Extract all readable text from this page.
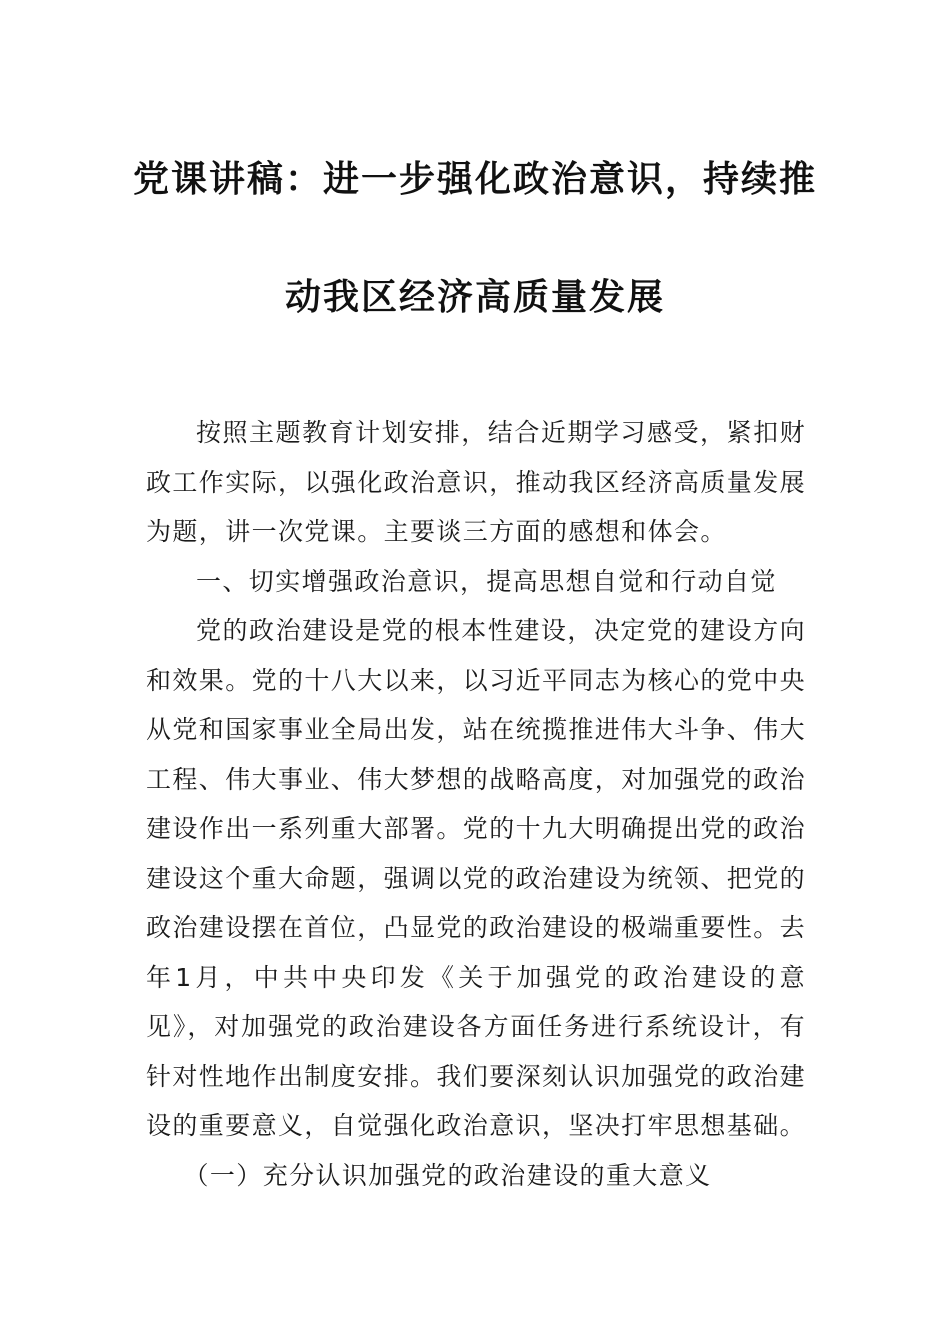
党课讲稿：进一步强化政治意识，持续推
动我区经济高质量发展

按照主题教育计划安排，结合近期学习感受，紧扣财政工作实际，以强化政治意识，推动我区经济高质量发展为题，讲一次党课。主要谈三方面的感想和体会。

一、切实增强政治意识，提高思想自觉和行动自觉

党的政治建设是党的根本性建设，决定党的建设方向和效果。党的十八大以来，以习近平同志为核心的党中央从党和国家事业全局出发，站在统揽推进伟大斗争、伟大工程、伟大事业、伟大梦想的战略高度，对加强党的政治建设作出一系列重大部署。党的十九大明确提出党的政治建设这个重大命题，强调以党的政治建设为统领、把党的政治建设摆在首位，凸显党的政治建设的极端重要性。去年1月，中共中央印发《关于加强党的政治建设的意见》，对加强党的政治建设各方面任务进行系统设计，有针对性地作出制度安排。我们要深刻认识加强党的政治建设的重要意义，自觉强化政治意识，坚决打牢思想基础。

（一）充分认识加强党的政治建设的重大意义
